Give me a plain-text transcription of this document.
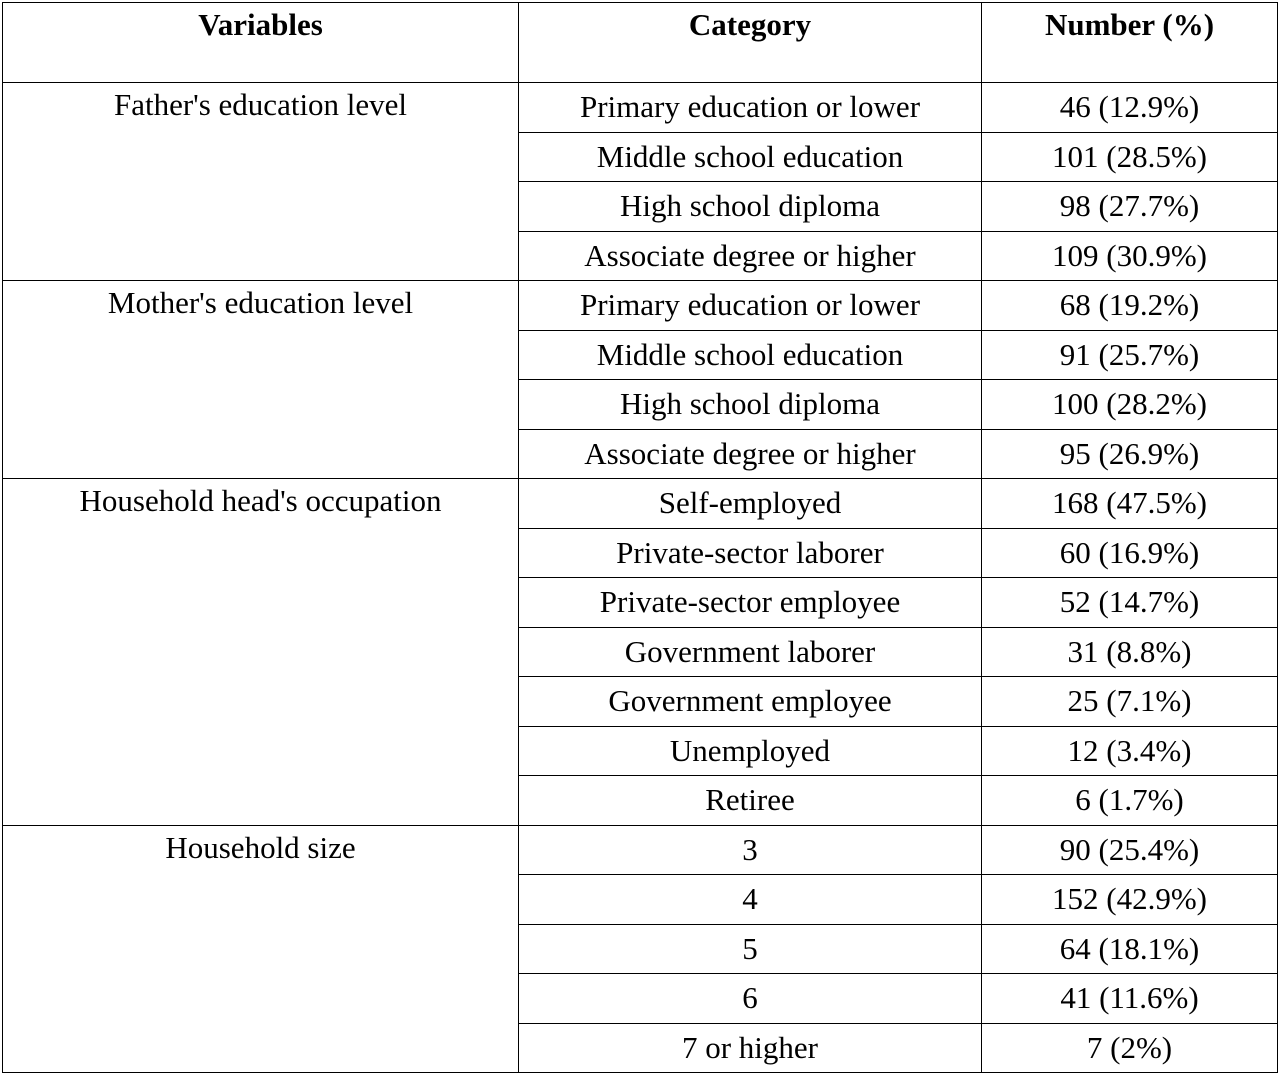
Variables	Category	Number (%)

Father's education level	Primary education or lower	46 (12.9%)
	Middle school education	101 (28.5%)
	High school diploma	98 (27.7%)
	Associate degree or higher	109 (30.9%)

Mother's education level	Primary education or lower	68 (19.2%)
	Middle school education	91 (25.7%)
	High school diploma	100 (28.2%)
	Associate degree or higher	95 (26.9%)

Household head's occupation	Self-employed	168 (47.5%)
	Private-sector laborer	60 (16.9%)
	Private-sector employee	52 (14.7%)
	Government laborer	31 (8.8%)
	Government employee	25 (7.1%)
	Unemployed	12 (3.4%)
	Retiree	6 (1.7%)

Household size	3	90 (25.4%)
	4	152 (42.9%)
	5	64 (18.1%)
	6	41 (11.6%)
	7 or higher	7 (2%)
